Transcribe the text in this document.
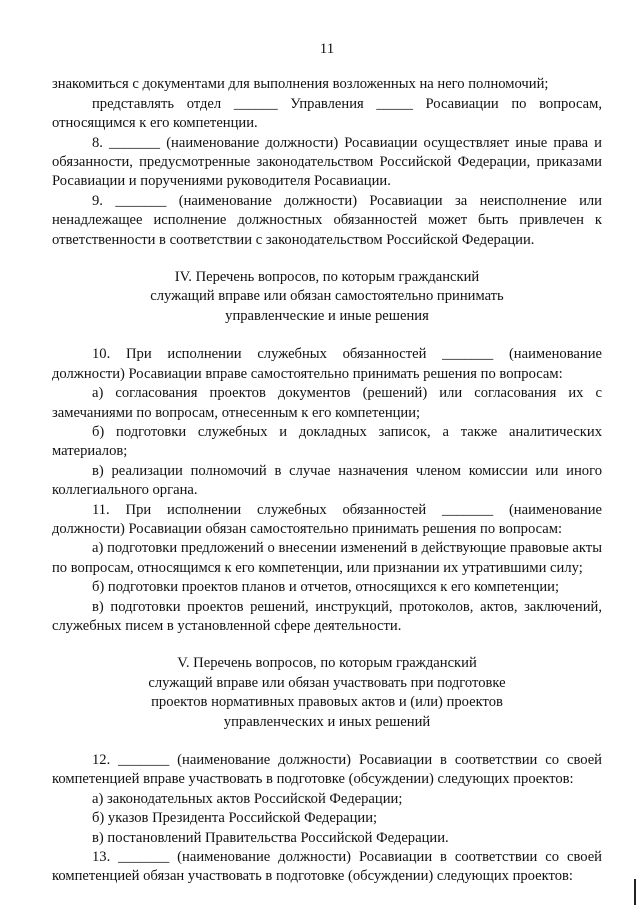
11

знакомиться с документами для выполнения возложенных на него полномочий;

представлять отдел ______ Управления _____ Росавиации по вопросам, относящимся к его компетенции.

8. _______ (наименование должности) Росавиации осуществляет иные права и обязанности, предусмотренные законодательством Российской Федерации, приказами Росавиации и поручениями руководителя Росавиации.

9. _______ (наименование должности) Росавиации за неисполнение или ненадлежащее исполнение должностных обязанностей может быть привлечен к ответственности в соответствии с законодательством Российской Федерации.

IV. Перечень вопросов, по которым гражданский
служащий вправе или обязан самостоятельно принимать
управленческие и иные решения

10. При исполнении служебных обязанностей _______ (наименование должности) Росавиации вправе самостоятельно принимать решения по вопросам:

а) согласования проектов документов (решений) или согласования их с замечаниями по вопросам, отнесенным к его компетенции;

б) подготовки служебных и докладных записок, а также аналитических материалов;

в) реализации полномочий в случае назначения членом комиссии или иного коллегиального органа.

11. При исполнении служебных обязанностей _______ (наименование должности) Росавиации обязан самостоятельно принимать решения по вопросам:

а) подготовки предложений о внесении изменений в действующие правовые акты по вопросам, относящимся к его компетенции, или признании их утратившими силу;

б) подготовки проектов планов и отчетов, относящихся к его компетенции;

в) подготовки проектов решений, инструкций, протоколов, актов, заключений, служебных писем в установленной сфере деятельности.

V. Перечень вопросов, по которым гражданский
служащий вправе или обязан участвовать при подготовке
проектов нормативных правовых актов и (или) проектов
управленческих и иных решений

12. _______ (наименование должности) Росавиации в соответствии со своей компетенцией вправе участвовать в подготовке (обсуждении) следующих проектов:

а) законодательных актов Российской Федерации;

б) указов Президента Российской Федерации;

в) постановлений Правительства Российской Федерации.

13. _______ (наименование должности) Росавиации в соответствии со своей компетенцией обязан участвовать в подготовке (обсуждении) следующих проектов:
